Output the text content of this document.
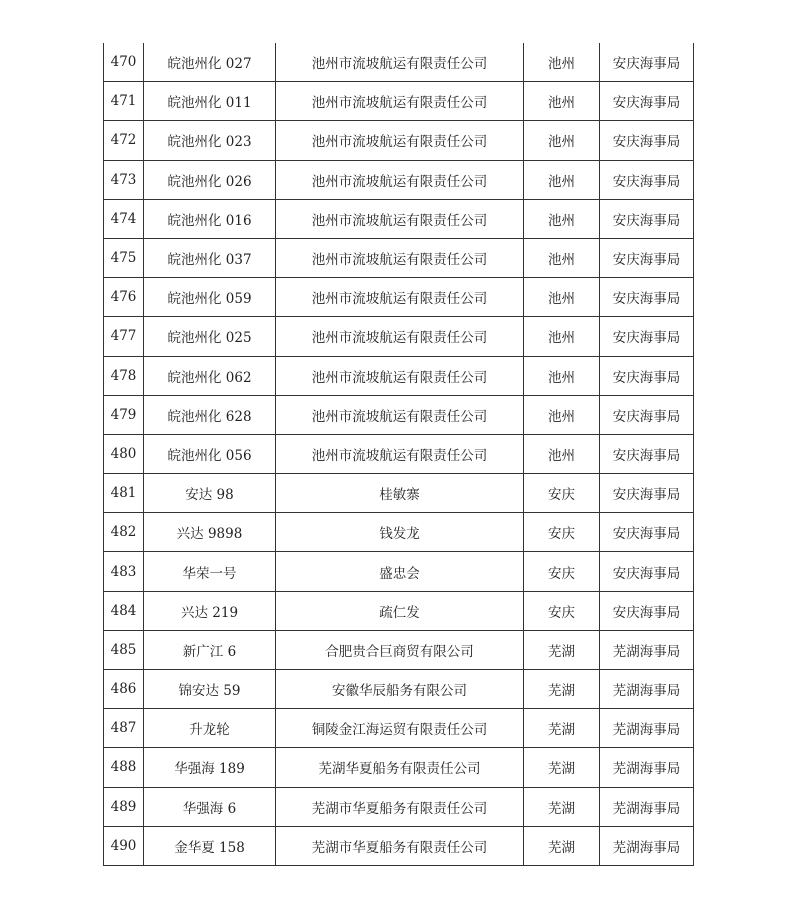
470	皖池州化 027	池州市流坡航运有限责任公司	池州	安庆海事局
471	皖池州化 011	池州市流坡航运有限责任公司	池州	安庆海事局
472	皖池州化 023	池州市流坡航运有限责任公司	池州	安庆海事局
473	皖池州化 026	池州市流坡航运有限责任公司	池州	安庆海事局
474	皖池州化 016	池州市流坡航运有限责任公司	池州	安庆海事局
475	皖池州化 037	池州市流坡航运有限责任公司	池州	安庆海事局
476	皖池州化 059	池州市流坡航运有限责任公司	池州	安庆海事局
477	皖池州化 025	池州市流坡航运有限责任公司	池州	安庆海事局
478	皖池州化 062	池州市流坡航运有限责任公司	池州	安庆海事局
479	皖池州化 628	池州市流坡航运有限责任公司	池州	安庆海事局
480	皖池州化 056	池州市流坡航运有限责任公司	池州	安庆海事局
481	安达 98	桂敏寨	安庆	安庆海事局
482	兴达 9898	钱发龙	安庆	安庆海事局
483	华荣一号	盛忠会	安庆	安庆海事局
484	兴达 219	疏仁发	安庆	安庆海事局
485	新广江 6	合肥贵合巨商贸有限公司	芜湖	芜湖海事局
486	锦安达 59	安徽华辰船务有限公司	芜湖	芜湖海事局
487	升龙轮	铜陵金江海运贸有限责任公司	芜湖	芜湖海事局
488	华强海 189	芜湖华夏船务有限责任公司	芜湖	芜湖海事局
489	华强海 6	芜湖市华夏船务有限责任公司	芜湖	芜湖海事局
490	金华夏 158	芜湖市华夏船务有限责任公司	芜湖	芜湖海事局
